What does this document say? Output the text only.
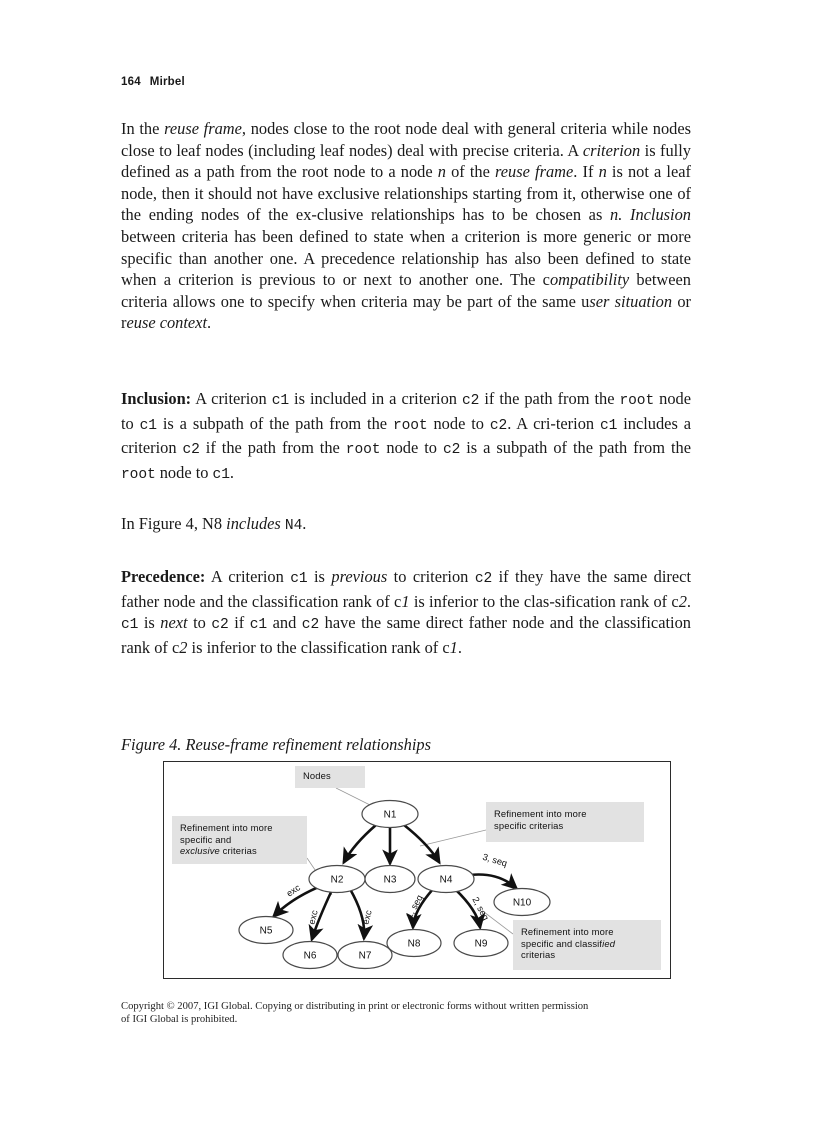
164 Mirbel

In the reuse frame, nodes close to the root node deal with general criteria while nodes close to leaf nodes (including leaf nodes) deal with precise criteria. A criterion is fully defined as a path from the root node to a node n of the reuse frame. If n is not a leaf node, then it should not have exclusive relationships starting from it, otherwise one of the ending nodes of the ex-clusive relationships has to be chosen as n. Inclusion between criteria has been defined to state when a criterion is more generic or more specific than another one. A precedence relationship has also been defined to state when a criterion is previous to or next to another one. The compatibility between criteria allows one to specify when criteria may be part of the same user situation or reuse context.

Inclusion: A criterion c1 is included in a criterion c2 if the path from the root node to c1 is a subpath of the path from the root node to c2. A cri-terion c1 includes a criterion c2 if the path from the root node to c2 is a subpath of the path from the root node to c1.

In Figure 4, N8 includes N4.

Precedence: A criterion c1 is previous to criterion c2 if they have the same direct father node and the classification rank of c1 is inferior to the clas-sification rank of c2. c1 is next to c2 if c1 and c2 have the same direct father node and the classification rank of c2 is inferior to the classification rank of c1.

Figure 4. Reuse-frame refinement relationships
exc
exc	exc	1, seq	2, seq
3, seq
N1
N2	N3	N4
N5
N6	N7
N8	N9
N10
Nodes
Refinement into more
specific and
exclusive criterias
Refinement into more
specific criterias
Refinement into more
specific and classified
criterias
Copyright © 2007, IGI Global. Copying or distributing in print or electronic forms without written permission
of IGI Global is prohibited.
